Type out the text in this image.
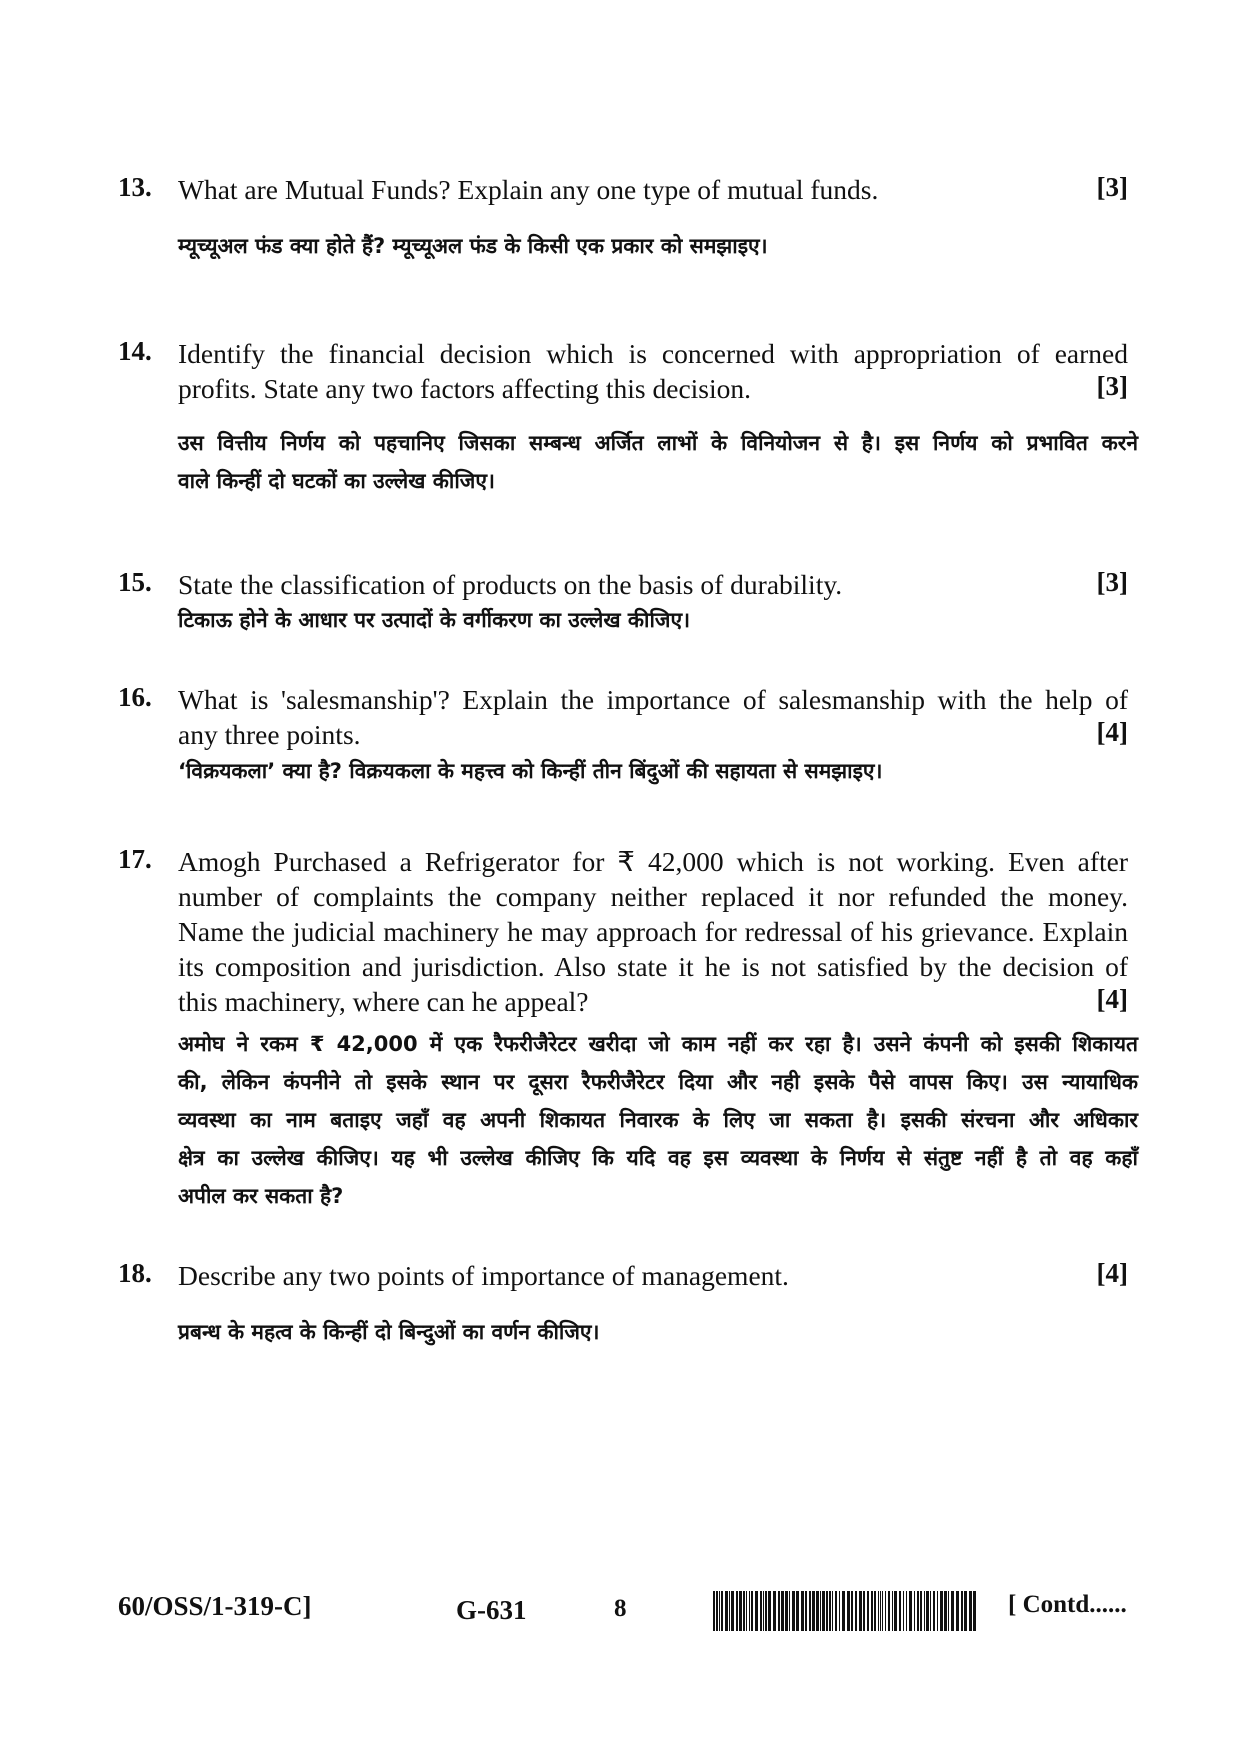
13. What are Mutual Funds? Explain any one type of mutual funds.	[3]
म्यूच्यूअल फंड क्या होते हैं? म्यूच्यूअल फंड के किसी एक प्रकार को समझाइए।
14. Identify the financial decision which is concerned with appropriation of earned
profits. State any two factors affecting this decision.	[3]
उस वित्तीय निर्णय को पहचानिए जिसका सम्बन्ध अर्जित लाभों के विनियोजन से है। इस निर्णय को प्रभावित करने
वाले किन्हीं दो घटकों का उल्लेख कीजिए।
15. State the classification of products on the basis of durability.	[3]
टिकाऊ होने के आधार पर उत्पादों के वर्गीकरण का उल्लेख कीजिए।
16. What is 'salesmanship'? Explain the importance of salesmanship with the help of
any three points.	[4]
‘विक्रयकला’ क्या है? विक्रयकला के महत्त्व को किन्हीं तीन बिंदुओं की सहायता से समझाइए।
17. Amogh Purchased a Refrigerator for ₹ 42,000 which is not working. Even after
number of complaints the company neither replaced it nor refunded the money.
Name the judicial machinery he may approach for redressal of his grievance. Explain
its composition and jurisdiction. Also state it he is not satisfied by the decision of
this machinery, where can he appeal?	[4]
अमोघ ने रकम ₹ 42,000 में एक रैफरीजैरेटर खरीदा जो काम नहीं कर रहा है। उसने कंपनी को इसकी शिकायत
की, लेकिन कंपनीने तो इसके स्थान पर दूसरा रैफरीजैरेटर दिया और नही इसके पैसे वापस किए। उस न्यायाधिक
व्यवस्था का नाम बताइए जहाँ वह अपनी शिकायत निवारक के लिए जा सकता है। इसकी संरचना और अधिकार
क्षेत्र का उल्लेख कीजिए। यह भी उल्लेख कीजिए कि यदि वह इस व्यवस्था के निर्णय से संतुष्ट नहीं है तो वह कहाँ
अपील कर सकता है?
18. Describe any two points of importance of management.	[4]
प्रबन्ध के महत्व के किन्हीं दो बिन्दुओं का वर्णन कीजिए।
60/OSS/1-319-C]	G-631	8	[ Contd......
